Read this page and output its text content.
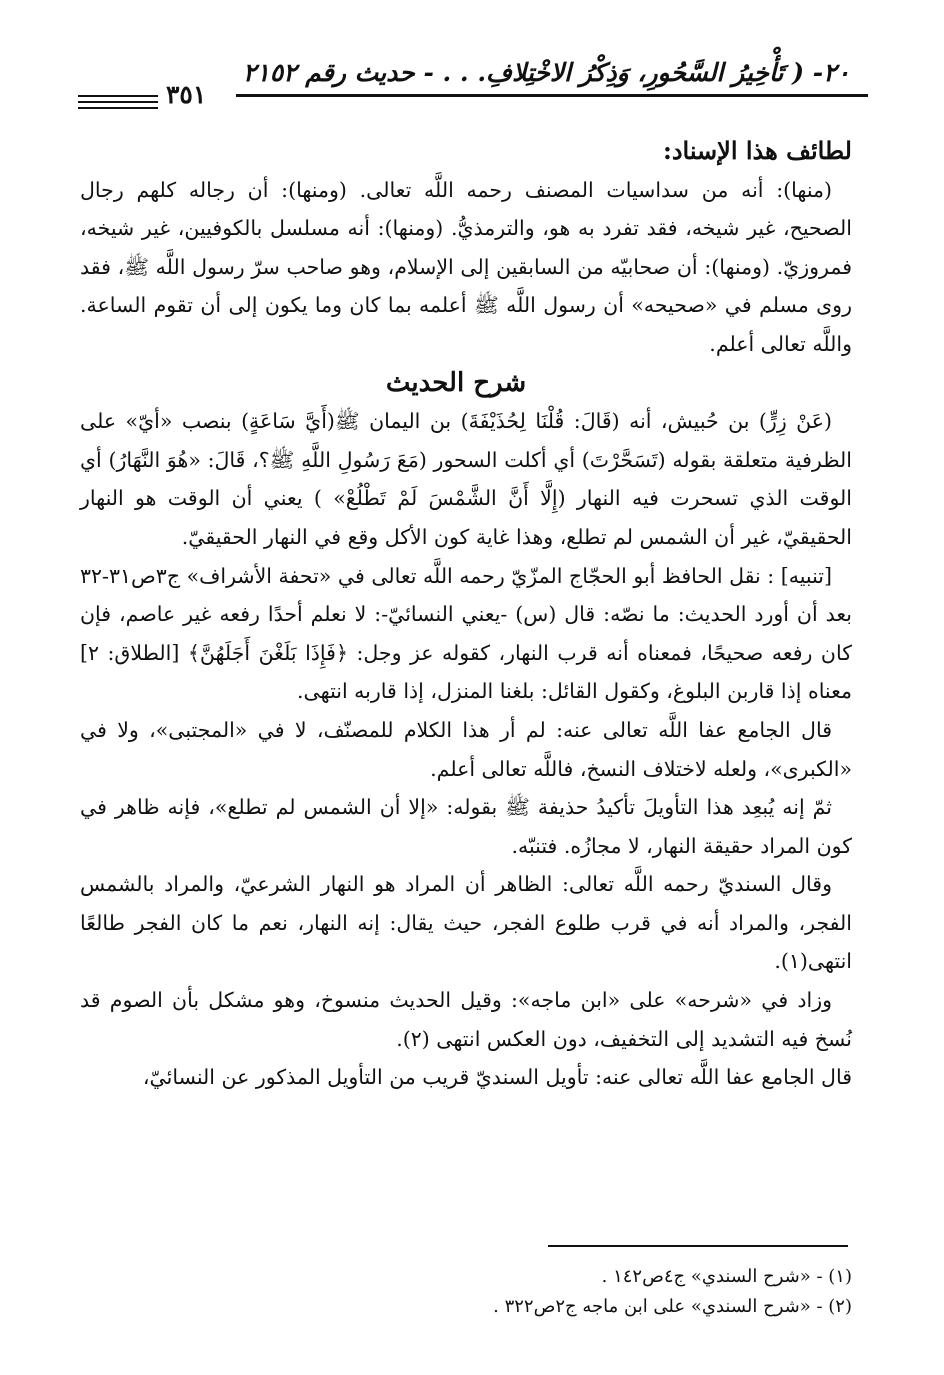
٢٠- ( تَأْخِيرُ السَّحُورِ، وَذِكْرُ الاخْتِلافِ. . . - حديث رقم ٢١٥٢
٣٥١

لطائف هذا الإسناد:

(منها): أنه من سداسيات المصنف رحمه اللَّه تعالى. (ومنها): أن رجاله كلهم رجال الصحيح، غير شيخه، فقد تفرد به هو، والترمذيُّ. (ومنها): أنه مسلسل بالكوفيين، غير شيخه، فمروزيّ. (ومنها): أن صحابيّه من السابقين إلى الإسلام، وهو صاحب سرّ رسول اللَّه ﷺ، فقد روى مسلم في «صحيحه» أن رسول اللَّه ﷺ أعلمه بما كان وما يكون إلى أن تقوم الساعة. واللَّه تعالى أعلم.

شرح الحديث

(عَنْ زِرٍّ) بن حُبيش، أنه (قَالَ: قُلْنَا لِحُذَيْفَةَ) بن اليمان ﷺ(أَيَّ سَاعَةٍ) بنصب «أيّ» على الظرفية متعلقة بقوله (تَسَحَّرْتَ) أي أكلت السحور (مَعَ رَسُولِ اللَّهِ ﷺ؟، قَالَ: «هُوَ النَّهَارُ) أي الوقت الذي تسحرت فيه النهار (إِلَّا أَنَّ الشَّمْسَ لَمْ تَطْلُعْ» ) يعني أن الوقت هو النهار الحقيقيّ، غير أن الشمس لم تطلع، وهذا غاية كون الأكل وقع في النهار الحقيقيّ.

[تنبيه] : نقل الحافظ أبو الحجّاج المزّيّ رحمه اللَّه تعالى في «تحفة الأشراف» ج٣ص٣١-٣٢ بعد أن أورد الحديث: ما نصّه: قال (س) -يعني النسائيّ-: لا نعلم أحدًا رفعه غير عاصم، فإن كان رفعه صحيحًا، فمعناه أنه قرب النهار، كقوله عز وجل: ﴿فَإِذَا بَلَغْنَ أَجَلَهُنَّ﴾ [الطلاق: ٢] معناه إذا قاربن البلوغ، وكقول القائل: بلغنا المنزل، إذا قاربه انتهى.

قال الجامع عفا اللَّه تعالى عنه: لم أر هذا الكلام للمصنّف، لا في «المجتبى»، ولا في «الكبرى»، ولعله لاختلاف النسخ، فاللَّه تعالى أعلم.

ثمّ إنه يُبعِد هذا التأويلَ تأكيدُ حذيفة ﷺ بقوله: «إلا أن الشمس لم تطلع»، فإنه ظاهر في كون المراد حقيقة النهار، لا مجازُه. فتنبّه.

وقال السنديّ رحمه اللَّه تعالى: الظاهر أن المراد هو النهار الشرعيّ، والمراد بالشمس الفجر، والمراد أنه في قرب طلوع الفجر، حيث يقال: إنه النهار، نعم ما كان الفجر طالعًا انتهى(١).

وزاد في «شرحه» على «ابن ماجه»: وقيل الحديث منسوخ، وهو مشكل بأن الصوم قد نُسخ فيه التشديد إلى التخفيف، دون العكس انتهى (٢).

قال الجامع عفا اللَّه تعالى عنه: تأويل السنديّ قريب من التأويل المذكور عن النسائيّ،

(١) - «شرح السندي» ج٤ص١٤٢ .
(٢) - «شرح السندي» على ابن ماجه ج٢ص٣٢٢ .
